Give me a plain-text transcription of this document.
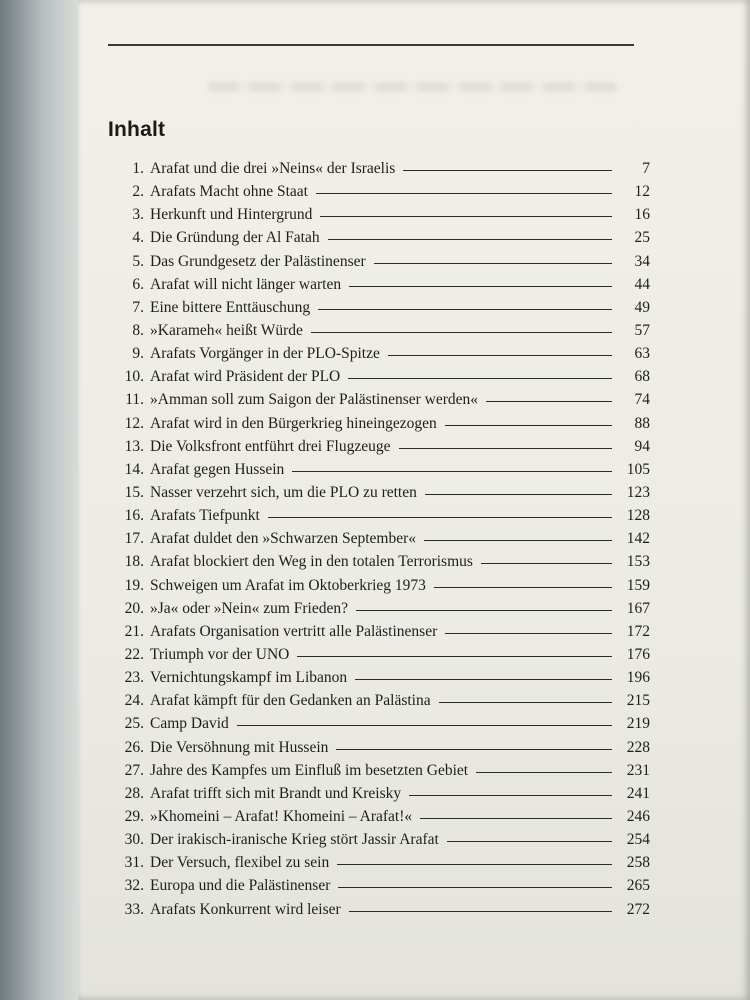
Inhalt
1. Arafat und die drei »Neins« der Israelis	7
2. Arafats Macht ohne Staat	12
3. Herkunft und Hintergrund	16
4. Die Gründung der Al Fatah	25
5. Das Grundgesetz der Palästinenser	34
6. Arafat will nicht länger warten	44
7. Eine bittere Enttäuschung	49
8. »Karameh« heißt Würde	57
9. Arafats Vorgänger in der PLO-Spitze	63
10. Arafat wird Präsident der PLO	68
11. »Amman soll zum Saigon der Palästinenser werden«	74
12. Arafat wird in den Bürgerkrieg hineingezogen	88
13. Die Volksfront entführt drei Flugzeuge	94
14. Arafat gegen Hussein	105
15. Nasser verzehrt sich, um die PLO zu retten	123
16. Arafats Tiefpunkt	128
17. Arafat duldet den »Schwarzen September«	142
18. Arafat blockiert den Weg in den totalen Terrorismus	153
19. Schweigen um Arafat im Oktoberkrieg 1973	159
20. »Ja« oder »Nein« zum Frieden?	167
21. Arafats Organisation vertritt alle Palästinenser	172
22. Triumph vor der UNO	176
23. Vernichtungskampf im Libanon	196
24. Arafat kämpft für den Gedanken an Palästina	215
25. Camp David	219
26. Die Versöhnung mit Hussein	228
27. Jahre des Kampfes um Einfluß im besetzten Gebiet	231
28. Arafat trifft sich mit Brandt und Kreisky	241
29. »Khomeini – Arafat! Khomeini – Arafat!«	246
30. Der irakisch-iranische Krieg stört Jassir Arafat	254
31. Der Versuch, flexibel zu sein	258
32. Europa und die Palästinenser	265
33. Arafats Konkurrent wird leiser	272
